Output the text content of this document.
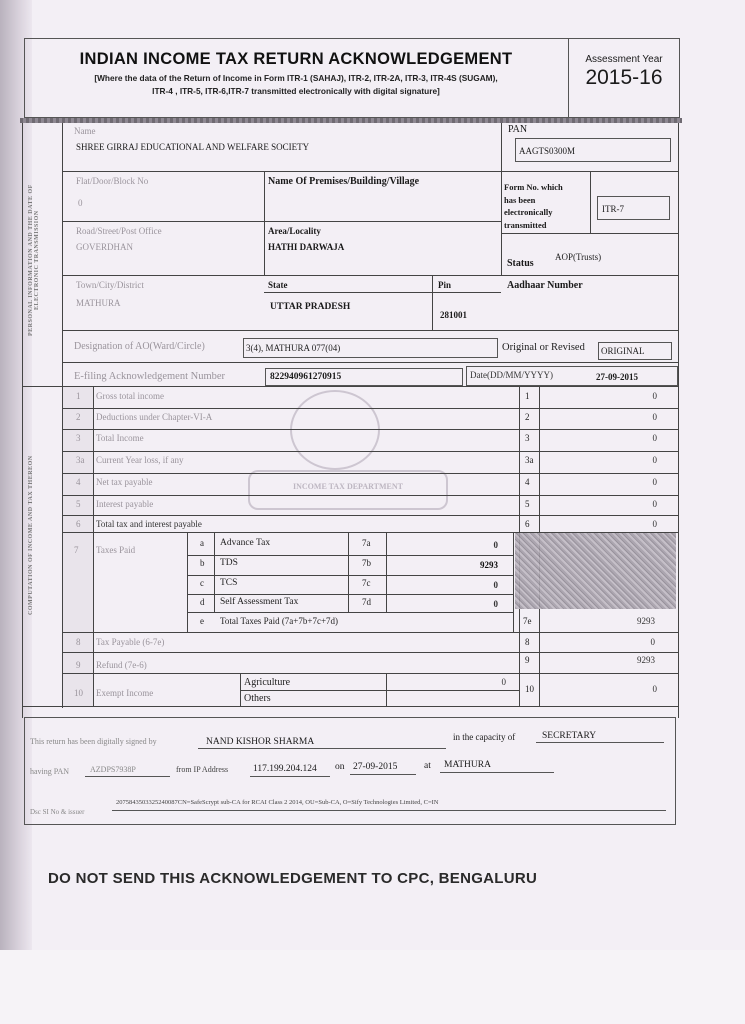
INDIAN INCOME TAX RETURN ACKNOWLEDGEMENT
[Where the data of the Return of Income in Form ITR-1 (SAHAJ), ITR-2, ITR-2A, ITR-3, ITR-4S (SUGAM),
ITR-4 , ITR-5, ITR-6,ITR-7 transmitted electronically with digital signature]
Assessment Year
2015-16
PERSONAL INFORMATION AND THE DATE OF ELECTRONIC TRANSMISSION
COMPUTATION OF INCOME AND TAX THEREON
Name
SHREE GIRRAJ EDUCATIONAL AND WELFARE SOCIETY
PAN
AAGTS0300M
Flat/Door/Block No
0
Name Of Premises/Building/Village	Form No. which
has been
electronically
transmitted
ITR-7
Road/Street/Post Office
GOVERDHAN
Area/Locality
HATHI DARWAJA
Status
AOP(Trusts)
Town/City/District
MATHURA
State
UTTAR PRADESH
Pin
281001
Aadhaar Number
Designation of AO(Ward/Circle)	3(4), MATHURA 077(04)	Original or Revised ORIGINAL
E-filing Acknowledgement Number	822940961270915	Date(DD/MM/YYYY)	27-09-2015
INCOME TAX DEPARTMENT
1 Gross total income	1	0
2 Deductions under Chapter-VI-A	2	0
3 Total Income	3	0
3a Current Year loss, if any	3a	0
4 Net tax payable	4	0
5 Interest payable	5	0
6 Total tax and interest payable	6	0
7 Taxes Paid
a Advance Tax	7a	0
b TDS	7b	9293
c TCS	7c	0
d Self Assessment Tax	7d	0
e Total Taxes Paid (7a+7b+7c+7d)	7e	9293
8 Tax Payable (6-7e)	8	0
9 Refund (7e-6)	9	9293
10 Exempt Income
Agriculture	0
Others
10	0
This return has been digitally signed by	NAND KISHOR SHARMA	in the capacity of	SECRETARY
having PAN	AZDPS7938P	from IP Address	117.199.204.124 on 27-09-2015	at MATHURA
Dsc SI No & issuer
2075843503325240087CN=SafeScrypt sub-CA for RCAI Class 2 2014, OU=Sub-CA, O=Sify Technologies Limited, C=IN
DO NOT SEND THIS ACKNOWLEDGEMENT TO CPC, BENGALURU
